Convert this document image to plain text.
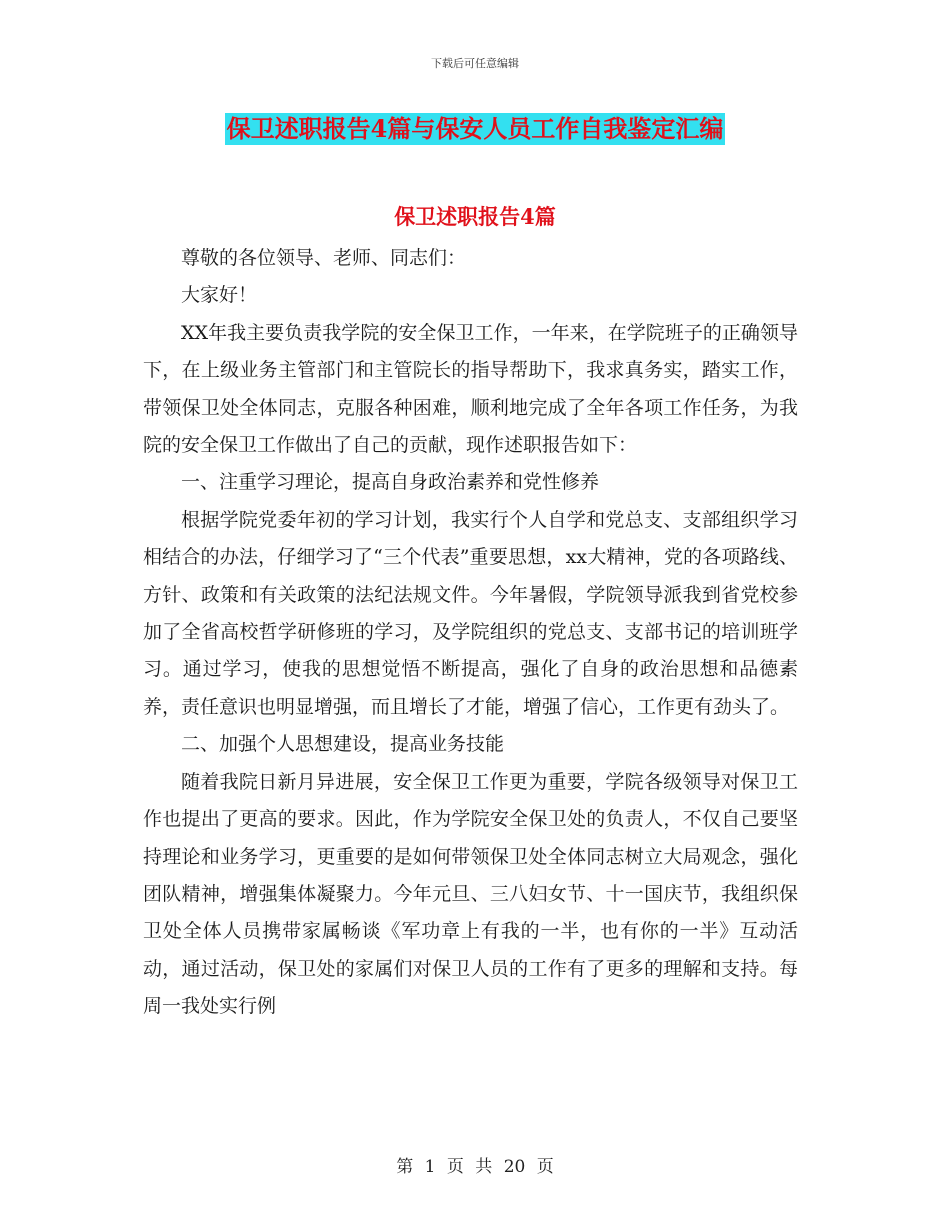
下载后可任意编辑
保卫述职报告4篇与保安人员工作自我鉴定汇编
保卫述职报告4篇

尊敬的各位领导、老师、同志们：

大家好！

XX年我主要负责我学院的安全保卫工作，一年来，在学院班子的正确领导下，在上级业务主管部门和主管院长的指导帮助下，我求真务实，踏实工作，带领保卫处全体同志，克服各种困难，顺利地完成了全年各项工作任务，为我院的安全保卫工作做出了自己的贡献，现作述职报告如下：

一、注重学习理论，提高自身政治素养和党性修养

根据学院党委年初的学习计划，我实行个人自学和党总支、支部组织学习相结合的办法，仔细学习了“三个代表”重要思想，xx大精神，党的各项路线、方针、政策和有关政策的法纪法规文件。今年暑假，学院领导派我到省党校参加了全省高校哲学研修班的学习，及学院组织的党总支、支部书记的培训班学习。通过学习，使我的思想觉悟不断提高，强化了自身的政治思想和品德素养，责任意识也明显增强，而且增长了才能，增强了信心，工作更有劲头了。

二、加强个人思想建设，提高业务技能

随着我院日新月异进展，安全保卫工作更为重要，学院各级领导对保卫工作也提出了更高的要求。因此，作为学院安全保卫处的负责人，不仅自己要坚持理论和业务学习，更重要的是如何带领保卫处全体同志树立大局观念，强化团队精神，增强集体凝聚力。今年元旦、三八妇女节、十一国庆节，我组织保卫处全体人员携带家属畅谈《军功章上有我的一半，也有你的一半》互动活动，通过活动，保卫处的家属们对保卫人员的工作有了更多的理解和支持。每周一我处实行例

第 1 页 共 20 页
